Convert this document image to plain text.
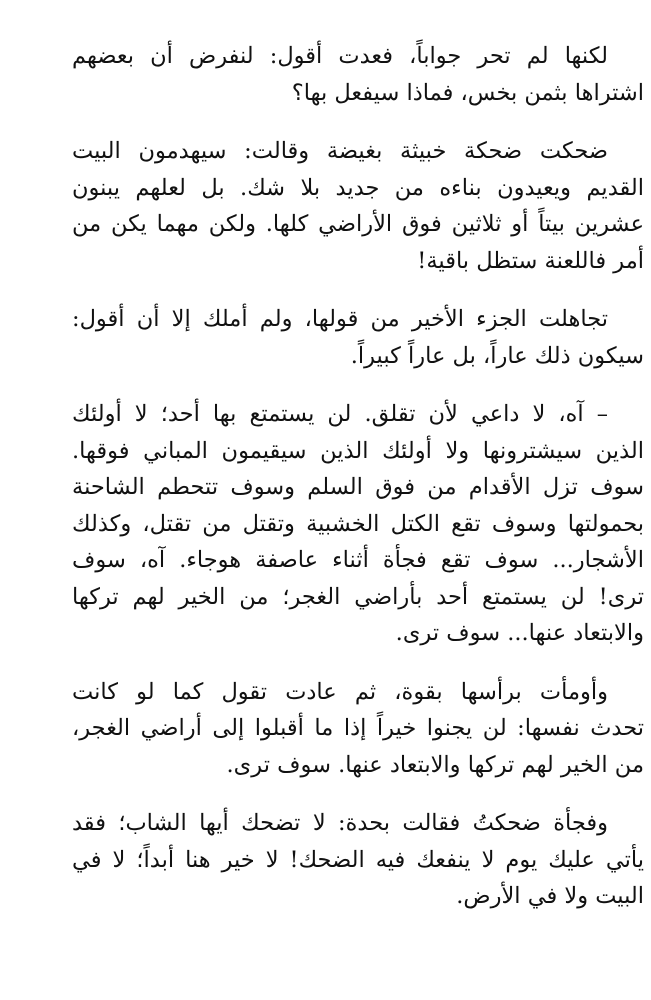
لكنها لم تحر جواباً، فعدت أقول: لنفرض أن بعضهم
اشتراها بثمن بخس، فماذا سيفعل بها؟

ضحكت ضحكة خبيثة بغيضة وقالت: سيهدمون البيت
القديم ويعيدون بناءه من جديد بلا شك. بل لعلهم يبنون
عشرين بيتاً أو ثلاثين فوق الأراضي كلها. ولكن مهما يكن من
أمر فاللعنة ستظل باقية!

تجاهلت الجزء الأخير من قولها، ولم أملك إلا أن أقول:
سيكون ذلك عاراً، بل عاراً كبيراً.

– آه، لا داعي لأن تقلق. لن يستمتع بها أحد؛ لا أولئك
الذين سيشترونها ولا أولئك الذين سيقيمون المباني فوقها.
سوف تزل الأقدام من فوق السلم وسوف تتحطم الشاحنة
بحمولتها وسوف تقع الكتل الخشبية وتقتل من تقتل، وكذلك
الأشجار... سوف تقع فجأة أثناء عاصفة هوجاء. آه، سوف
ترى! لن يستمتع أحد بأراضي الغجر؛ من الخير لهم تركها
والابتعاد عنها... سوف ترى.

وأومأت برأسها بقوة، ثم عادت تقول كما لو كانت
تحدث نفسها: لن يجنوا خيراً إذا ما أقبلوا إلى أراضي الغجر،
من الخير لهم تركها والابتعاد عنها. سوف ترى.

وفجأة ضحكتُ فقالت بحدة: لا تضحك أيها الشاب؛ فقد
يأتي عليك يوم لا ينفعك فيه الضحك! لا خير هنا أبداً؛ لا في
البيت ولا في الأرض.
